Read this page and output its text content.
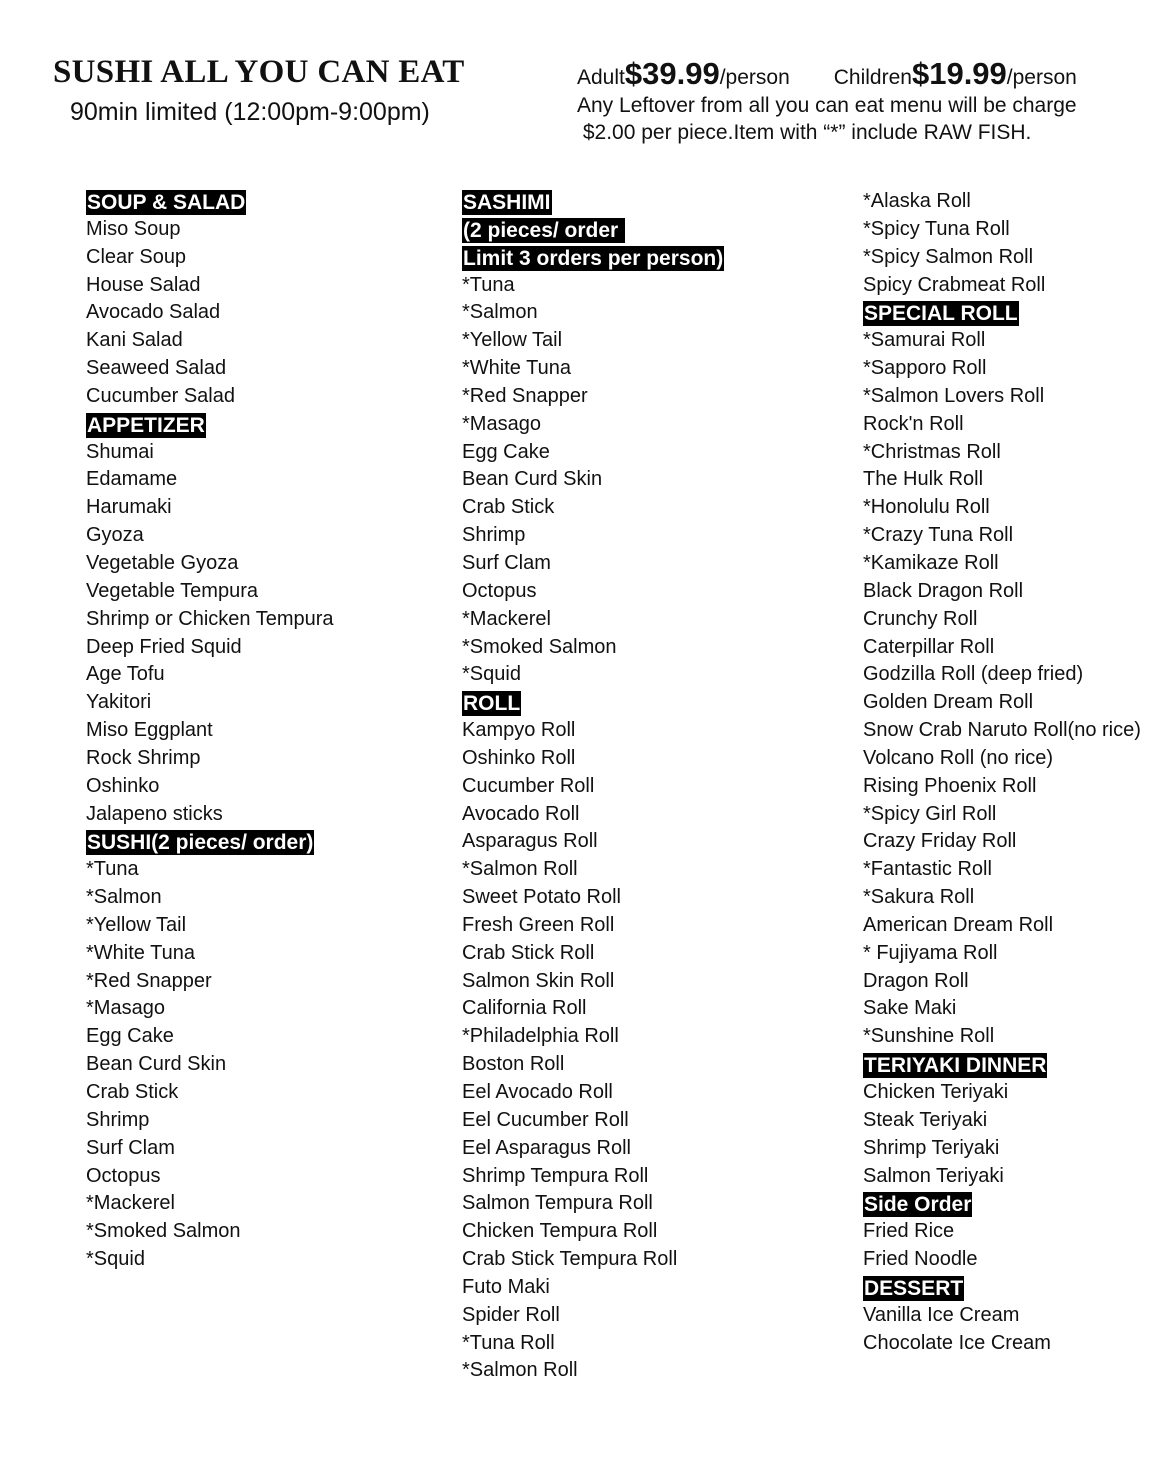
SUSHI ALL YOU CAN EAT
90min limited (12:00pm-9:00pm)
Adult$39.99/person Children$19.99/person
Any Leftover from all you can eat menu will be charge
$2.00 per piece.Item with “*” include RAW FISH.
SOUP & SALAD
Miso Soup
Clear Soup
House Salad
Avocado Salad
Kani Salad
Seaweed Salad
Cucumber Salad
APPETIZER
Shumai
Edamame
Harumaki
Gyoza
Vegetable Gyoza
Vegetable Tempura
Shrimp or Chicken Tempura
Deep Fried Squid
Age Tofu
Yakitori
Miso Eggplant
Rock Shrimp
Oshinko
Jalapeno sticks
SUSHI(2 pieces/ order)
*Tuna
*Salmon
*Yellow Tail
*White Tuna
*Red Snapper
*Masago
Egg Cake
Bean Curd Skin
Crab Stick
Shrimp
Surf Clam
Octopus
*Mackerel
*Smoked Salmon
*Squid
SASHIMI
(2 pieces/ order
Limit 3 orders per person)
*Tuna
*Salmon
*Yellow Tail
*White Tuna
*Red Snapper
*Masago
Egg Cake
Bean Curd Skin
Crab Stick
Shrimp
Surf Clam
Octopus
*Mackerel
*Smoked Salmon
*Squid
ROLL
Kampyo Roll
Oshinko Roll
Cucumber Roll
Avocado Roll
Asparagus Roll
*Salmon Roll
Sweet Potato Roll
Fresh Green Roll
Crab Stick Roll
Salmon Skin Roll
California Roll
*Philadelphia Roll
Boston Roll
Eel Avocado Roll
Eel Cucumber Roll
Eel Asparagus Roll
Shrimp Tempura Roll
Salmon Tempura Roll
Chicken Tempura Roll
Crab Stick Tempura Roll
Futo Maki
Spider Roll
*Tuna Roll
*Salmon Roll
*Alaska Roll
*Spicy Tuna Roll
*Spicy Salmon Roll
Spicy Crabmeat Roll
SPECIAL ROLL
*Samurai Roll
*Sapporo Roll
*Salmon Lovers Roll
Rock'n Roll
*Christmas Roll
The Hulk Roll
*Honolulu Roll
*Crazy Tuna Roll
*Kamikaze Roll
Black Dragon Roll
Crunchy Roll
Caterpillar Roll
Godzilla Roll (deep fried)
Golden Dream Roll
Snow Crab Naruto Roll(no rice)
Volcano Roll (no rice)
Rising Phoenix Roll
*Spicy Girl Roll
Crazy Friday Roll
*Fantastic Roll
*Sakura Roll
American Dream Roll
* Fujiyama Roll
Dragon Roll
Sake Maki
*Sunshine Roll
TERIYAKI DINNER
Chicken Teriyaki
Steak Teriyaki
Shrimp Teriyaki
Salmon Teriyaki
Side Order
Fried Rice
Fried Noodle
DESSERT
Vanilla Ice Cream
Chocolate Ice Cream
